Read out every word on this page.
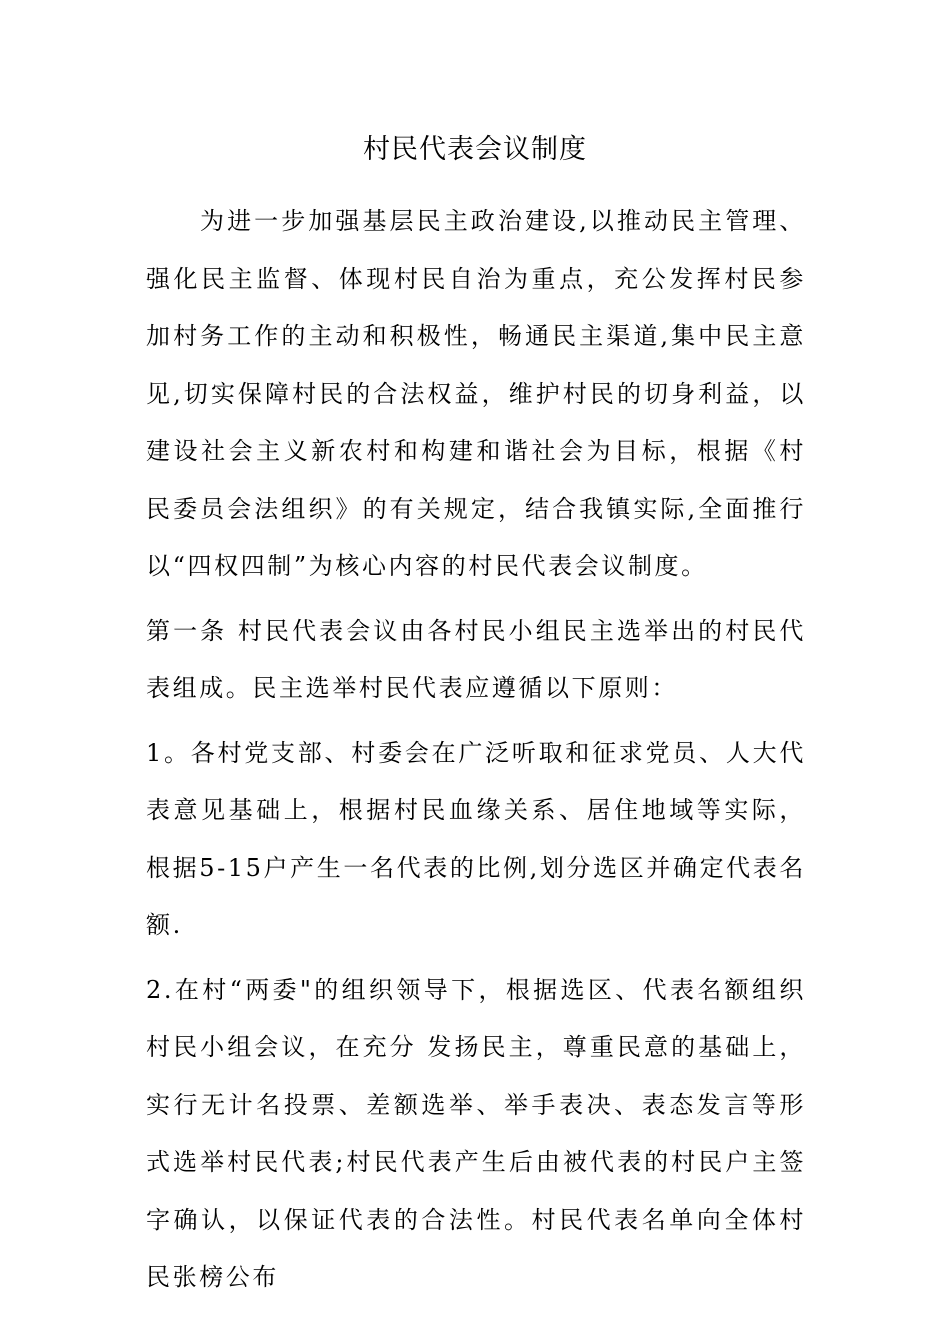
村民代表会议制度

为进一步加强基层民主政治建设,以推动民主管理、强化民主监督、体现村民自治为重点，充公发挥村民参加村务工作的主动和积极性，畅通民主渠道,集中民主意见,切实保障村民的合法权益，维护村民的切身利益，以建设社会主义新农村和构建和谐社会为目标，根据《村民委员会法组织》的有关规定，结合我镇实际,全面推行以“四权四制”为核心内容的村民代表会议制度。

第一条 村民代表会议由各村民小组民主选举出的村民代表组成。民主选举村民代表应遵循以下原则：

1。各村党支部、村委会在广泛听取和征求党员、人大代表意见基础上，根据村民血缘关系、居住地域等实际，根据5-15户产生一名代表的比例,划分选区并确定代表名额.

2.在村“两委"的组织领导下，根据选区、代表名额组织村民小组会议，在充分 发扬民主，尊重民意的基础上，实行无计名投票、差额选举、举手表决、表态发言等形式选举村民代表;村民代表产生后由被代表的村民户主签字确认，以保证代表的合法性。村民代表名单向全体村民张榜公布
